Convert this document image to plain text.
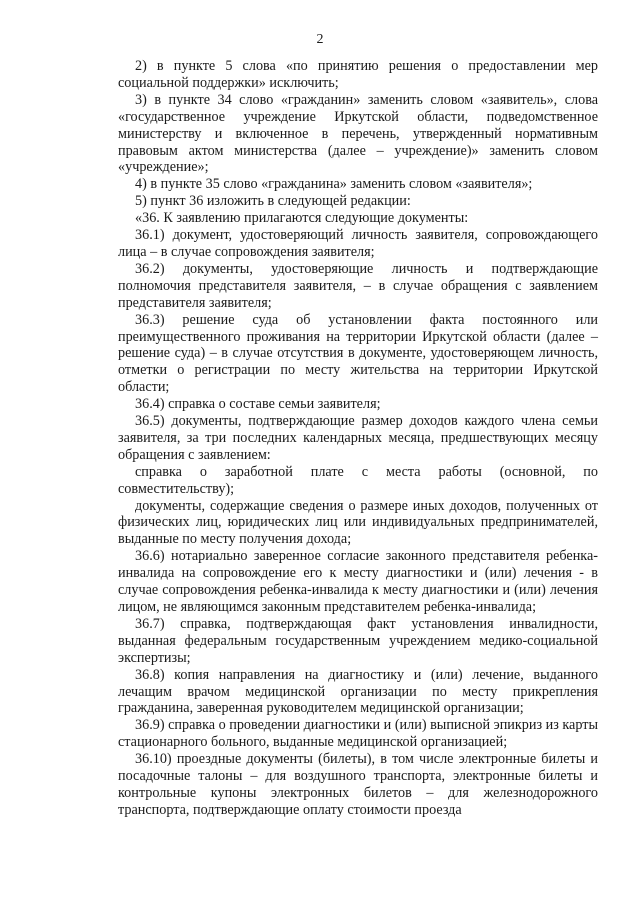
2

2) в пункте 5 слова «по принятию решения о предоставлении мер социальной поддержки» исключить;

3) в пункте 34 слово «гражданин» заменить словом «заявитель», слова «государственное учреждение Иркутской области, подведомственное министерству и включенное в перечень, утвержденный нормативным правовым актом министерства (далее – учреждение)» заменить словом «учреждение»;

4) в пункте 35 слово «гражданина» заменить словом «заявителя»;

5) пункт 36 изложить в следующей редакции:

«36. К заявлению прилагаются следующие документы:

36.1) документ, удостоверяющий личность заявителя, сопровождающего лица – в случае сопровождения заявителя;

36.2) документы, удостоверяющие личность и подтверждающие полномочия представителя заявителя, – в случае обращения с заявлением представителя заявителя;

36.3) решение суда об установлении факта постоянного или преимущественного проживания на территории Иркутской области (далее – решение суда) – в случае отсутствия в документе, удостоверяющем личность, отметки о регистрации по месту жительства на территории Иркутской области;

36.4) справка о составе семьи заявителя;

36.5) документы, подтверждающие размер доходов каждого члена семьи заявителя, за три последних календарных месяца, предшествующих месяцу обращения с заявлением:

справка о заработной плате с места работы (основной, по совместительству);

документы, содержащие сведения о размере иных доходов, полученных от физических лиц, юридических лиц или индивидуальных предпринимателей, выданные по месту получения дохода;

36.6) нотариально заверенное согласие законного представителя ребенка-инвалида на сопровождение его к месту диагностики и (или) лечения - в случае сопровождения ребенка-инвалида к месту диагностики и (или) лечения лицом, не являющимся законным представителем ребенка-инвалида;

36.7) справка, подтверждающая факт установления инвалидности, выданная федеральным государственным учреждением медико-социальной экспертизы;

36.8) копия направления на диагностику и (или) лечение, выданного лечащим врачом медицинской организации по месту прикрепления гражданина, заверенная руководителем медицинской организации;

36.9) справка о проведении диагностики и (или) выписной эпикриз из карты стационарного больного, выданные медицинской организацией;

36.10) проездные документы (билеты), в том числе электронные билеты и посадочные талоны – для воздушного транспорта, электронные билеты и контрольные купоны электронных билетов – для железнодорожного транспорта, подтверждающие оплату стоимости проезда
